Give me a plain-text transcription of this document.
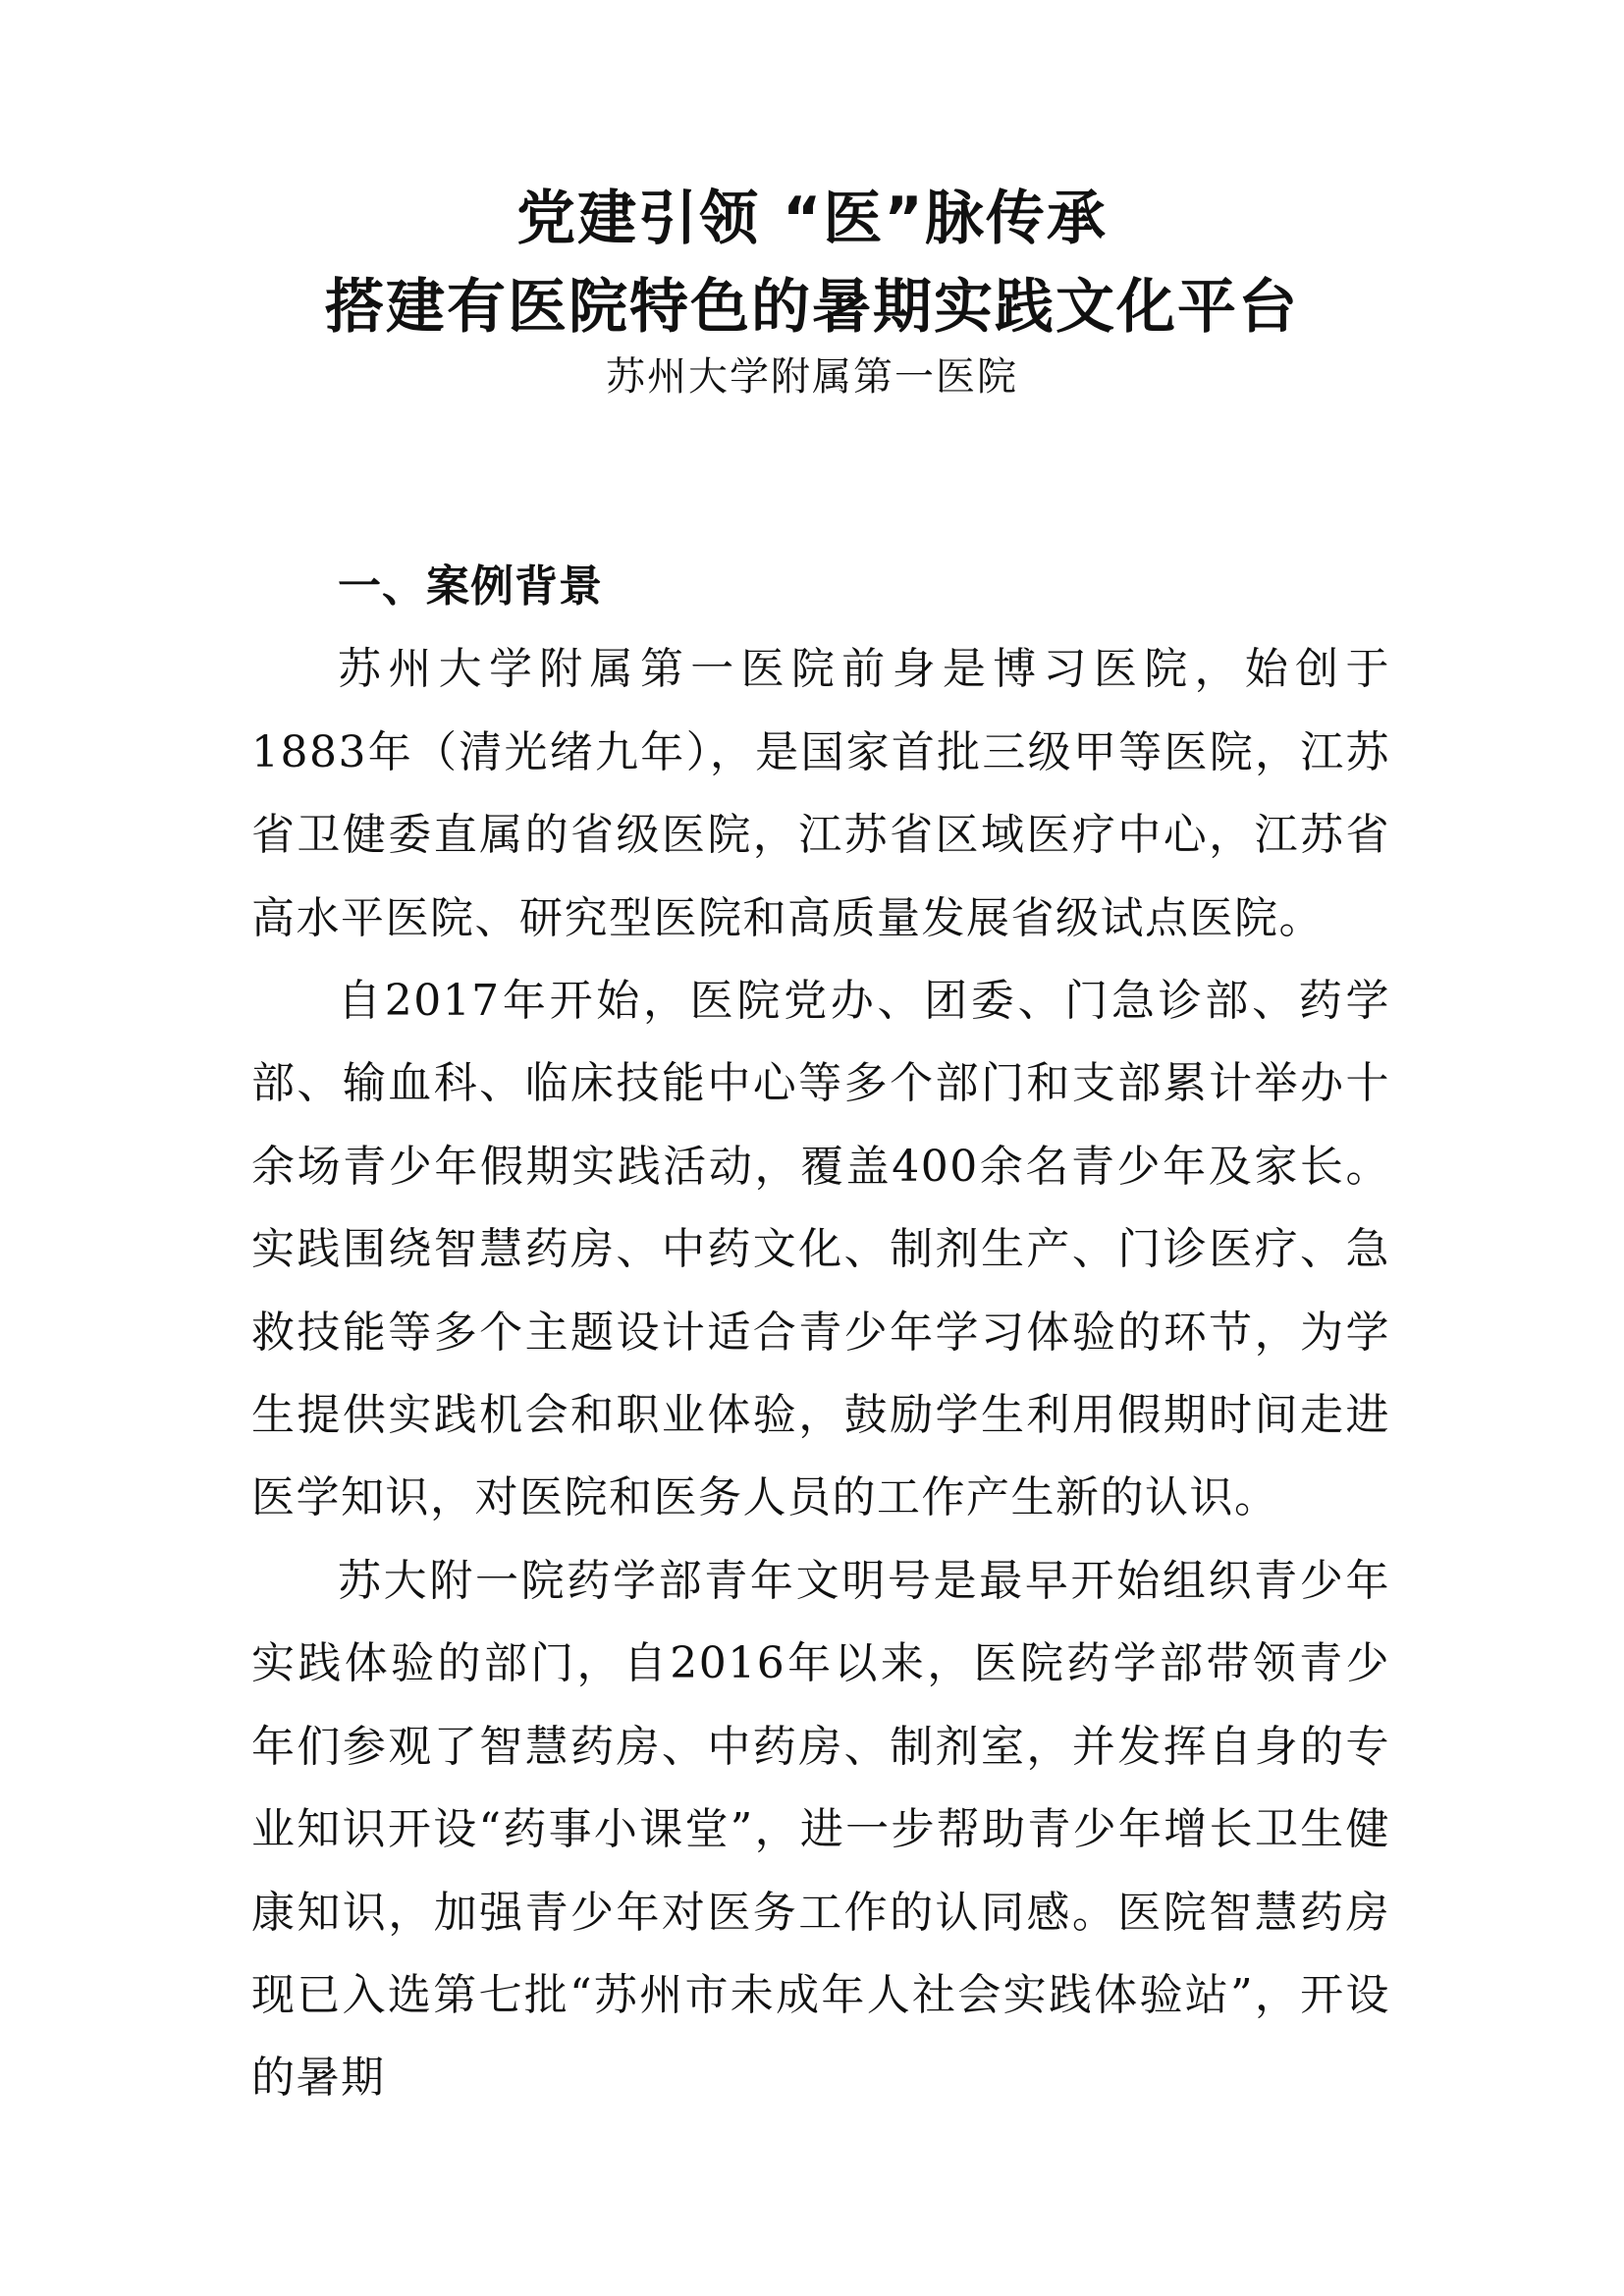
党建引领 “医”脉传承

搭建有医院特色的暑期实践文化平台

苏州大学附属第一医院

一、案例背景

苏州大学附属第一医院前身是博习医院，始创于1883年（清光绪九年），是国家首批三级甲等医院，江苏省卫健委直属的省级医院，江苏省区域医疗中心，江苏省高水平医院、研究型医院和高质量发展省级试点医院。

自2017年开始，医院党办、团委、门急诊部、药学部、输血科、临床技能中心等多个部门和支部累计举办十余场青少年假期实践活动，覆盖400余名青少年及家长。实践围绕智慧药房、中药文化、制剂生产、门诊医疗、急救技能等多个主题设计适合青少年学习体验的环节，为学生提供实践机会和职业体验，鼓励学生利用假期时间走进医学知识，对医院和医务人员的工作产生新的认识。

苏大附一院药学部青年文明号是最早开始组织青少年实践体验的部门，自2016年以来，医院药学部带领青少年们参观了智慧药房、中药房、制剂室，并发挥自身的专业知识开设“药事小课堂”，进一步帮助青少年增长卫生健康知识，加强青少年对医务工作的认同感。医院智慧药房现已入选第七批“苏州市未成年人社会实践体验站”，开设的暑期
